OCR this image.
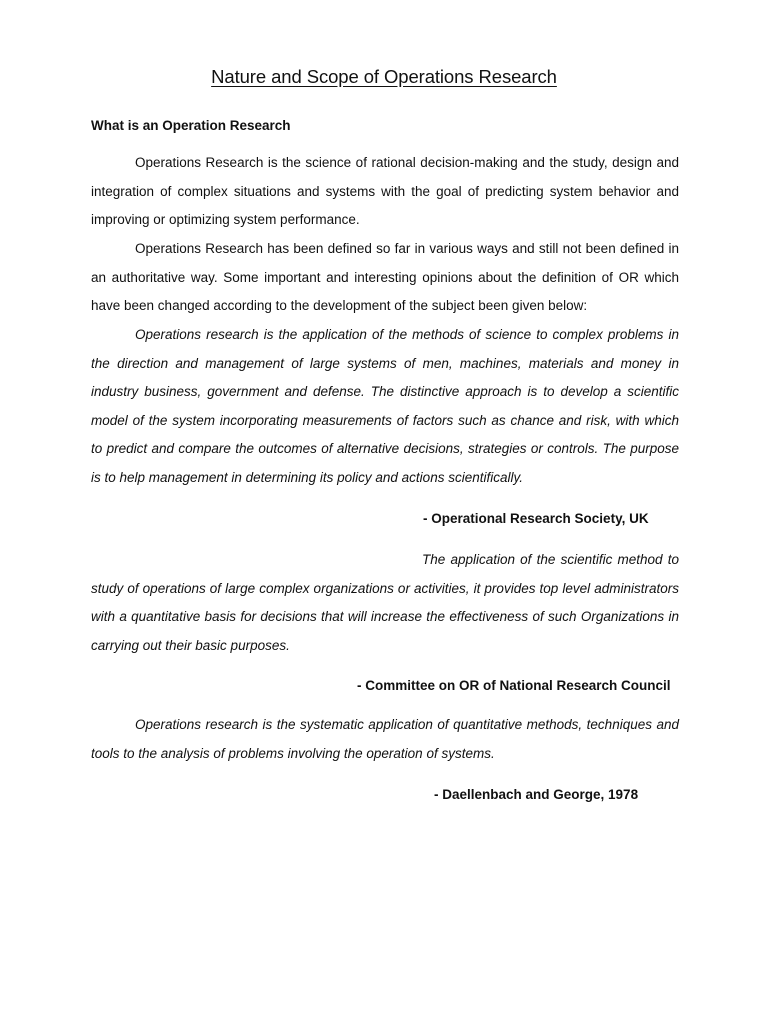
Nature and Scope of Operations Research
What is an Operation Research

Operations Research is the science of rational decision-making and the study, design and integration of complex situations and systems with the goal of predicting system behavior and improving or optimizing system performance.

Operations Research has been defined so far in various ways and still not been defined in an authoritative way. Some important and interesting opinions about the definition of OR which have been changed according to the development of the subject been given below:

Operations research is the application of the methods of science to complex problems in the direction and management of large systems of men, machines, materials and money in industry business, government and defense. The distinctive approach is to develop a scientific model of the system incorporating measurements of factors such as chance and risk, with which to predict and compare the outcomes of alternative decisions, strategies or controls. The purpose is to help management in determining its policy and actions scientifically.

- Operational Research Society, UK

The application of the scientific method to study of operations of large complex organizations or activities, it provides top level administrators with a quantitative basis for decisions that will increase the effectiveness of such Organizations in carrying out their basic purposes.

- Committee on OR of National Research Council

Operations research is the systematic application of quantitative methods, techniques and tools to the analysis of problems involving the operation of systems.

- Daellenbach and George, 1978
